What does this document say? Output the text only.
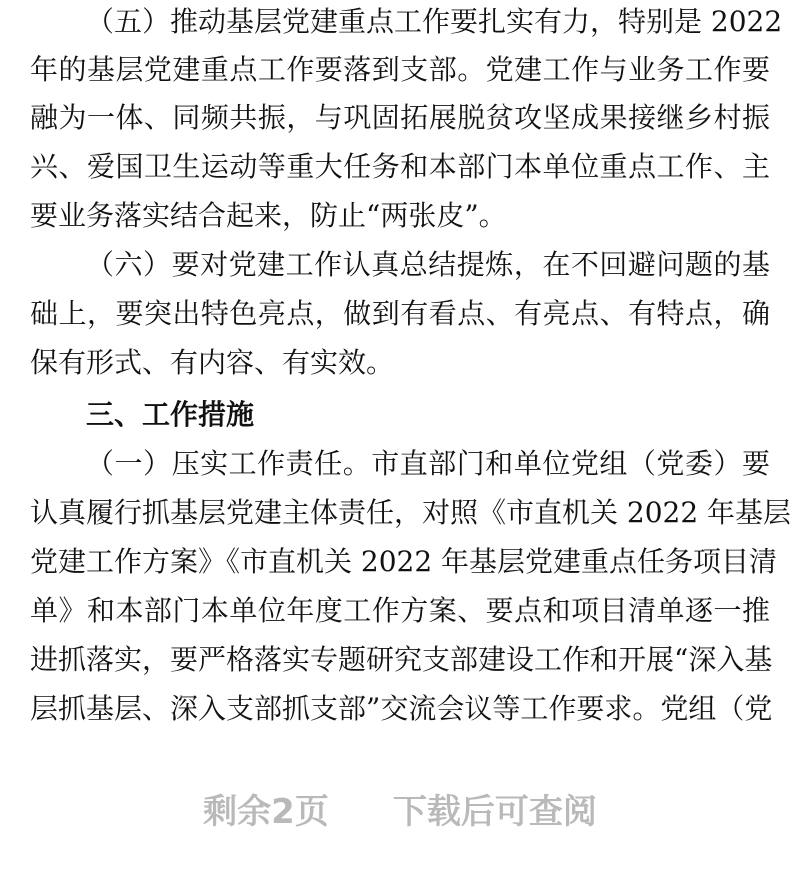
（五）推动基层党建重点工作要扎实有力，特别是 2022
年的基层党建重点工作要落到支部。党建工作与业务工作要
融为一体、同频共振，与巩固拓展脱贫攻坚成果接继乡村振
兴、爱国卫生运动等重大任务和本部门本单位重点工作、主
要业务落实结合起来，防止“两张皮”。
（六）要对党建工作认真总结提炼，在不回避问题的基
础上，要突出特色亮点，做到有看点、有亮点、有特点，确
保有形式、有内容、有实效。
三、工作措施
（一）压实工作责任。市直部门和单位党组（党委）要
认真履行抓基层党建主体责任，对照《市直机关 2022 年基层
党建工作方案》《市直机关 2022 年基层党建重点任务项目清
单》和本部门本单位年度工作方案、要点和项目清单逐一推
进抓落实，要严格落实专题研究支部建设工作和开展“深入基
层抓基层、深入支部抓支部”交流会议等工作要求。党组（党
剩余2页 下载后可查阅
